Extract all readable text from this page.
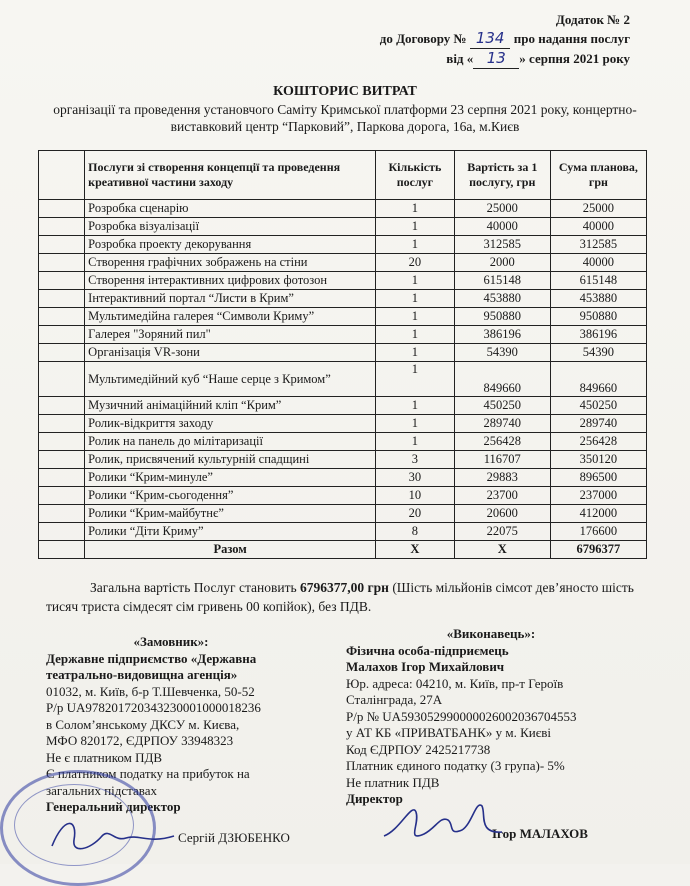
Додаток № 2
до Договору № 134 про надання послуг
від « 13 » серпня 2021 року
КОШТОРИС ВИТРАТ
організації та проведення установчого Саміту Кримської платформи 23 серпня 2021 року, концертно-виставковий центр “Парковий”, Паркова дорога, 16а, м.Києв
	Послуги зі створення концепції та проведення креативної частини заходу	Кількість послуг	Вартість за 1 послугу, грн	Сума планова, грн
	Розробка сценарію	1	25000	25000
	Розробка візуалізації	1	40000	40000
	Розробка проекту декорування	1	312585	312585
	Створення графічних зображень на стіни	20	2000	40000
	Створення інтерактивних цифрових фотозон	1	615148	615148
	Інтерактивний портал “Листи в Крим”	1	453880	453880
	Мультимедійна галерея “Символи Криму”	1	950880	950880
	Галерея "Зоряний пил"	1	386196	386196
	Організація VR-зони	1	54390	54390
	Мультимедійний куб “Наше серце з Кримом”	1	849660	849660
	Музичний анімаційний кліп “Крим”	1	450250	450250
	Ролик-відкриття заходу	1	289740	289740
	Ролик на панель до мілітаризації	1	256428	256428
	Ролик, присвячений культурній спадщині	3	116707	350120
	Ролики “Крим-минуле”	30	29883	896500
	Ролики “Крим-сьогодення”	10	23700	237000
	Ролики “Крим-майбутнє”	20	20600	412000
	Ролики “Діти Криму”	8	22075	176600
	Разом	Х	Х	6796377
Загальна вартість Послуг становить 6796377,00 грн (Шість мільйонів сімсот дев’яносто шість тисяч триста сімдесят сім гривень 00 копійок), без ПДВ.
«Замовник»:
Державне підприємство «Державна театрально-видовищна агенція»
01032, м. Київ, б-р Т.Шевченка, 50-52
Р/р UA978201720343230001000018236
в Солом’янському ДКСУ м. Києва,
МФО 820172, ЄДРПОУ 33948323
Не є платником ПДВ
Є платником податку на прибуток на
загальних підставах
Генеральний директор
Сергій ДЗЮБЕНКО
«Виконавець»:
Фізична особа-підприємець
Малахов Ігор Михайлович
Юр. адреса: 04210, м. Київ, пр-т Героїв
Сталінграда, 27А
Р/р № UA593052990000026002036704553
у АТ КБ «ПРИВАТБАНК» у м. Києві
Код ЄДРПОУ 2425217738
Платник єдиного податку (3 група)- 5%
Не платник ПДВ
Директор
Ігор МАЛАХОВ
